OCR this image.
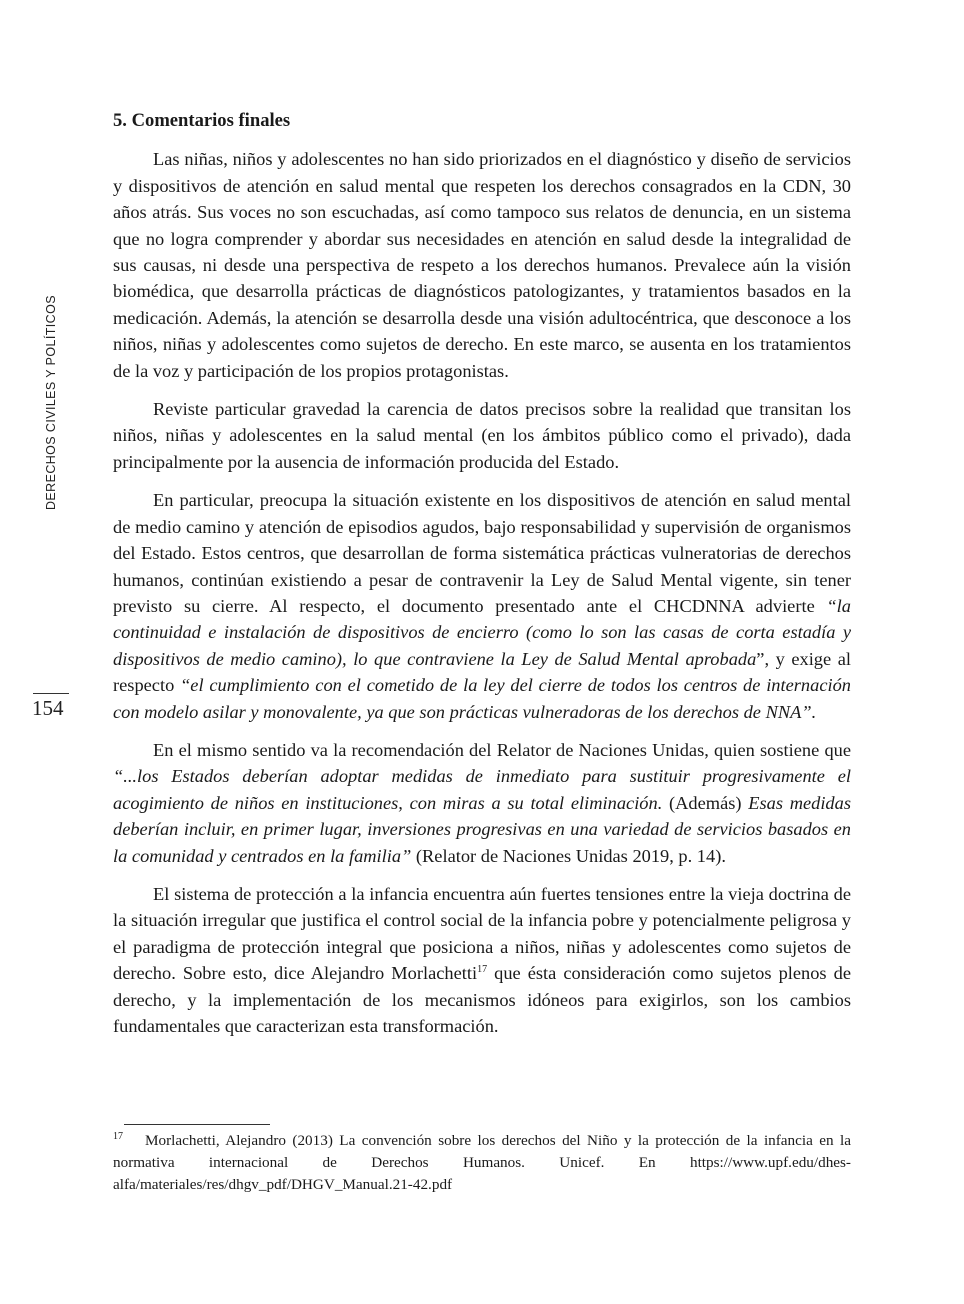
DERECHOS CIVILES Y POLÍTICOS
154
5. Comentarios finales

Las niñas, niños y adolescentes no han sido priorizados en el diagnóstico y diseño de servicios y dispositivos de atención en salud mental que respeten los derechos consagrados en la CDN, 30 años atrás. Sus voces no son escuchadas, así como tampoco sus relatos de denuncia, en un sistema que no logra comprender y abordar sus necesidades en atención en salud desde la integralidad de sus causas, ni desde una perspectiva de respeto a los derechos humanos. Prevalece aún la visión biomédica, que desarrolla prácticas de diagnósticos patologizantes, y tratamientos basados en la medicación. Además, la atención se desarrolla desde una visión adultocéntrica, que desconoce a los niños, niñas y adolescentes como sujetos de derecho. En este marco, se ausenta en los tratamientos de la voz y participación de los propios protagonistas.

Reviste particular gravedad la carencia de datos precisos sobre la realidad que transitan los niños, niñas y adolescentes en la salud mental (en los ámbitos público como el privado), dada principalmente por la ausencia de información producida del Estado.

En particular, preocupa la situación existente en los dispositivos de atención en salud mental de medio camino y atención de episodios agudos, bajo responsabilidad y supervisión de organismos del Estado. Estos centros, que desarrollan de forma sistemática prácticas vulneratorias de derechos humanos, continúan existiendo a pesar de contravenir la Ley de Salud Mental vigente, sin tener previsto su cierre. Al respecto, el documento presentado ante el CHCDNNA advierte “la continuidad e instalación de dispositivos de encierro (como lo son las casas de corta estadía y dispositivos de medio camino), lo que contraviene la Ley de Salud Mental aprobada”, y exige al respecto “el cumplimiento con el cometido de la ley del cierre de todos los centros de internación con modelo asilar y monovalente, ya que son prácticas vulneradoras de los derechos de NNA”.

En el mismo sentido va la recomendación del Relator de Naciones Unidas, quien sostiene que “...los Estados deberían adoptar medidas de inmediato para sustituir progresivamente el acogimiento de niños en instituciones, con miras a su total eliminación. (Además) Esas medidas deberían incluir, en primer lugar, inversiones progresivas en una variedad de servicios basados en la comunidad y centrados en la familia” (Relator de Naciones Unidas 2019, p. 14).

El sistema de protección a la infancia encuentra aún fuertes tensiones entre la vieja doctrina de la situación irregular que justifica el control social de la infancia pobre y potencialmente peligrosa y el paradigma de protección integral que posiciona a niños, niñas y adolescentes como sujetos de derecho. Sobre esto, dice Alejandro Morlachetti$^{17}$ que ésta consideración como sujetos plenos de derecho, y la implementación de los mecanismos idóneos para exigirlos, son los cambios fundamentales que caracterizan esta transformación.

$^{17}$ Morlachetti, Alejandro (2013) La convención sobre los derechos del Niño y la protección de la infancia en la normativa internacional de Derechos Humanos. Unicef. En https://www.upf.edu/dhes-alfa/materiales/res/dhgv_pdf/DHGV_Manual.21-42.pdf
